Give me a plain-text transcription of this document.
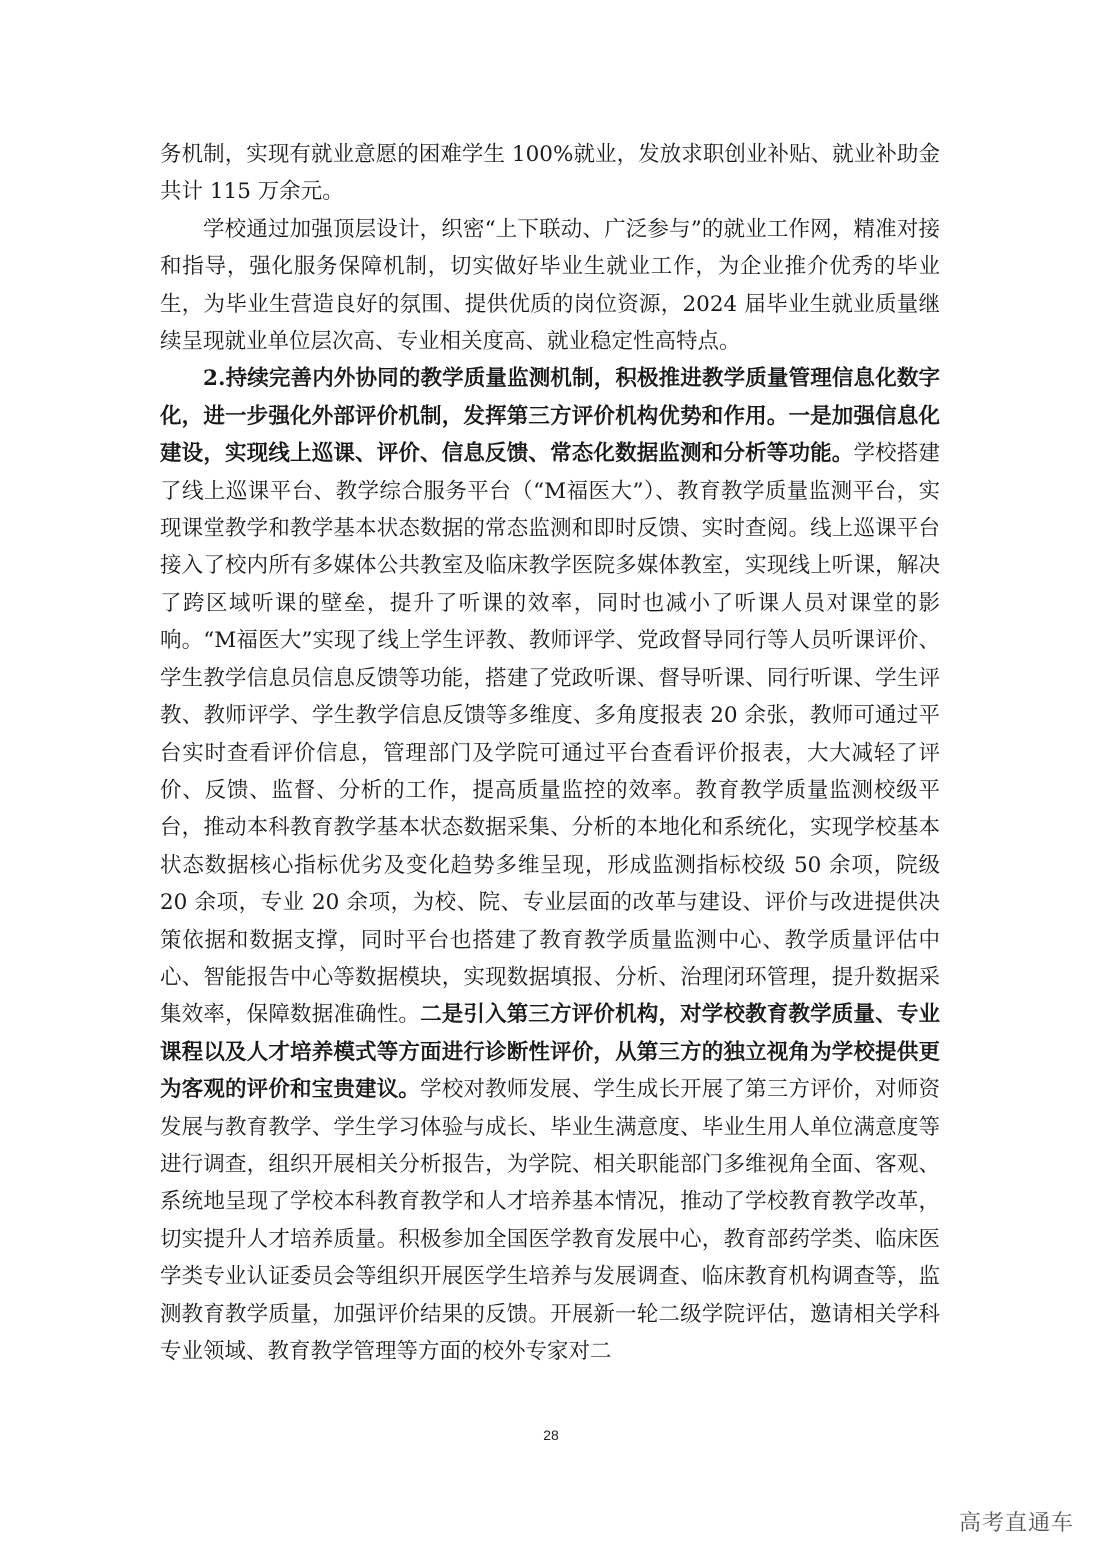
务机制，实现有就业意愿的困难学生 100%就业，发放求职创业补贴、就业补助金共计 115 万余元。

学校通过加强顶层设计，织密“上下联动、广泛参与”的就业工作网，精准对接和指导，强化服务保障机制，切实做好毕业生就业工作，为企业推介优秀的毕业生，为毕业生营造良好的氛围、提供优质的岗位资源，2024 届毕业生就业质量继续呈现就业单位层次高、专业相关度高、就业稳定性高特点。

2.持续完善内外协同的教学质量监测机制，积极推进教学质量管理信息化数字化，进一步强化外部评价机制，发挥第三方评价机构优势和作用。一是加强信息化建设，实现线上巡课、评价、信息反馈、常态化数据监测和分析等功能。学校搭建了线上巡课平台、教学综合服务平台（“M福医大”）、教育教学质量监测平台，实现课堂教学和教学基本状态数据的常态监测和即时反馈、实时查阅。线上巡课平台接入了校内所有多媒体公共教室及临床教学医院多媒体教室，实现线上听课，解决了跨区域听课的壁垒，提升了听课的效率，同时也减小了听课人员对课堂的影响。“M福医大”实现了线上学生评教、教师评学、党政督导同行等人员听课评价、学生教学信息员信息反馈等功能，搭建了党政听课、督导听课、同行听课、学生评教、教师评学、学生教学信息反馈等多维度、多角度报表 20 余张，教师可通过平台实时查看评价信息，管理部门及学院可通过平台查看评价报表，大大减轻了评价、反馈、监督、分析的工作，提高质量监控的效率。教育教学质量监测校级平台，推动本科教育教学基本状态数据采集、分析的本地化和系统化，实现学校基本状态数据核心指标优劣及变化趋势多维呈现，形成监测指标校级 50 余项，院级 20 余项，专业 20 余项，为校、院、专业层面的改革与建设、评价与改进提供决策依据和数据支撑，同时平台也搭建了教育教学质量监测中心、教学质量评估中心、智能报告中心等数据模块，实现数据填报、分析、治理闭环管理，提升数据采集效率，保障数据准确性。二是引入第三方评价机构，对学校教育教学质量、专业课程以及人才培养模式等方面进行诊断性评价，从第三方的独立视角为学校提供更为客观的评价和宝贵建议。学校对教师发展、学生成长开展了第三方评价，对师资发展与教育教学、学生学习体验与成长、毕业生满意度、毕业生用人单位满意度等进行调查，组织开展相关分析报告，为学院、相关职能部门多维视角全面、客观、系统地呈现了学校本科教育教学和人才培养基本情况，推动了学校教育教学改革，切实提升人才培养质量。积极参加全国医学教育发展中心，教育部药学类、临床医学类专业认证委员会等组织开展医学生培养与发展调查、临床教育机构调查等，监测教育教学质量，加强评价结果的反馈。开展新一轮二级学院评估，邀请相关学科专业领域、教育教学管理等方面的校外专家对二

28
高考直通车
